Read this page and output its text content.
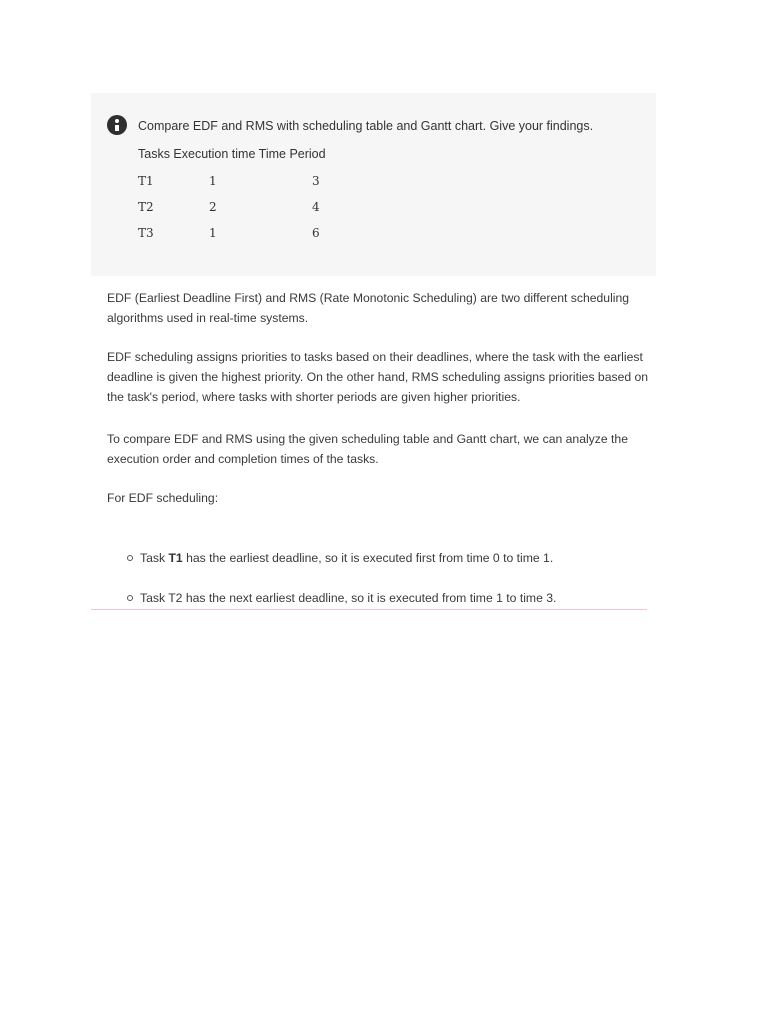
Compare EDF and RMS with scheduling table and Gantt chart. Give your findings.
Tasks Execution time Time Period
T1	1	3
T2	2	4
T3	1	6
EDF (Earliest Deadline First) and RMS (Rate Monotonic Scheduling) are two different scheduling algorithms used in real-time systems.
EDF scheduling assigns priorities to tasks based on their deadlines, where the task with the earliest deadline is given the highest priority. On the other hand, RMS scheduling assigns priorities based on the task's period, where tasks with shorter periods are given higher priorities.
To compare EDF and RMS using the given scheduling table and Gantt chart, we can analyze the execution order and completion times of the tasks.
For EDF scheduling:
Task T1 has the earliest deadline, so it is executed first from time 0 to time 1.
Task T2 has the next earliest deadline, so it is executed from time 1 to time 3.
